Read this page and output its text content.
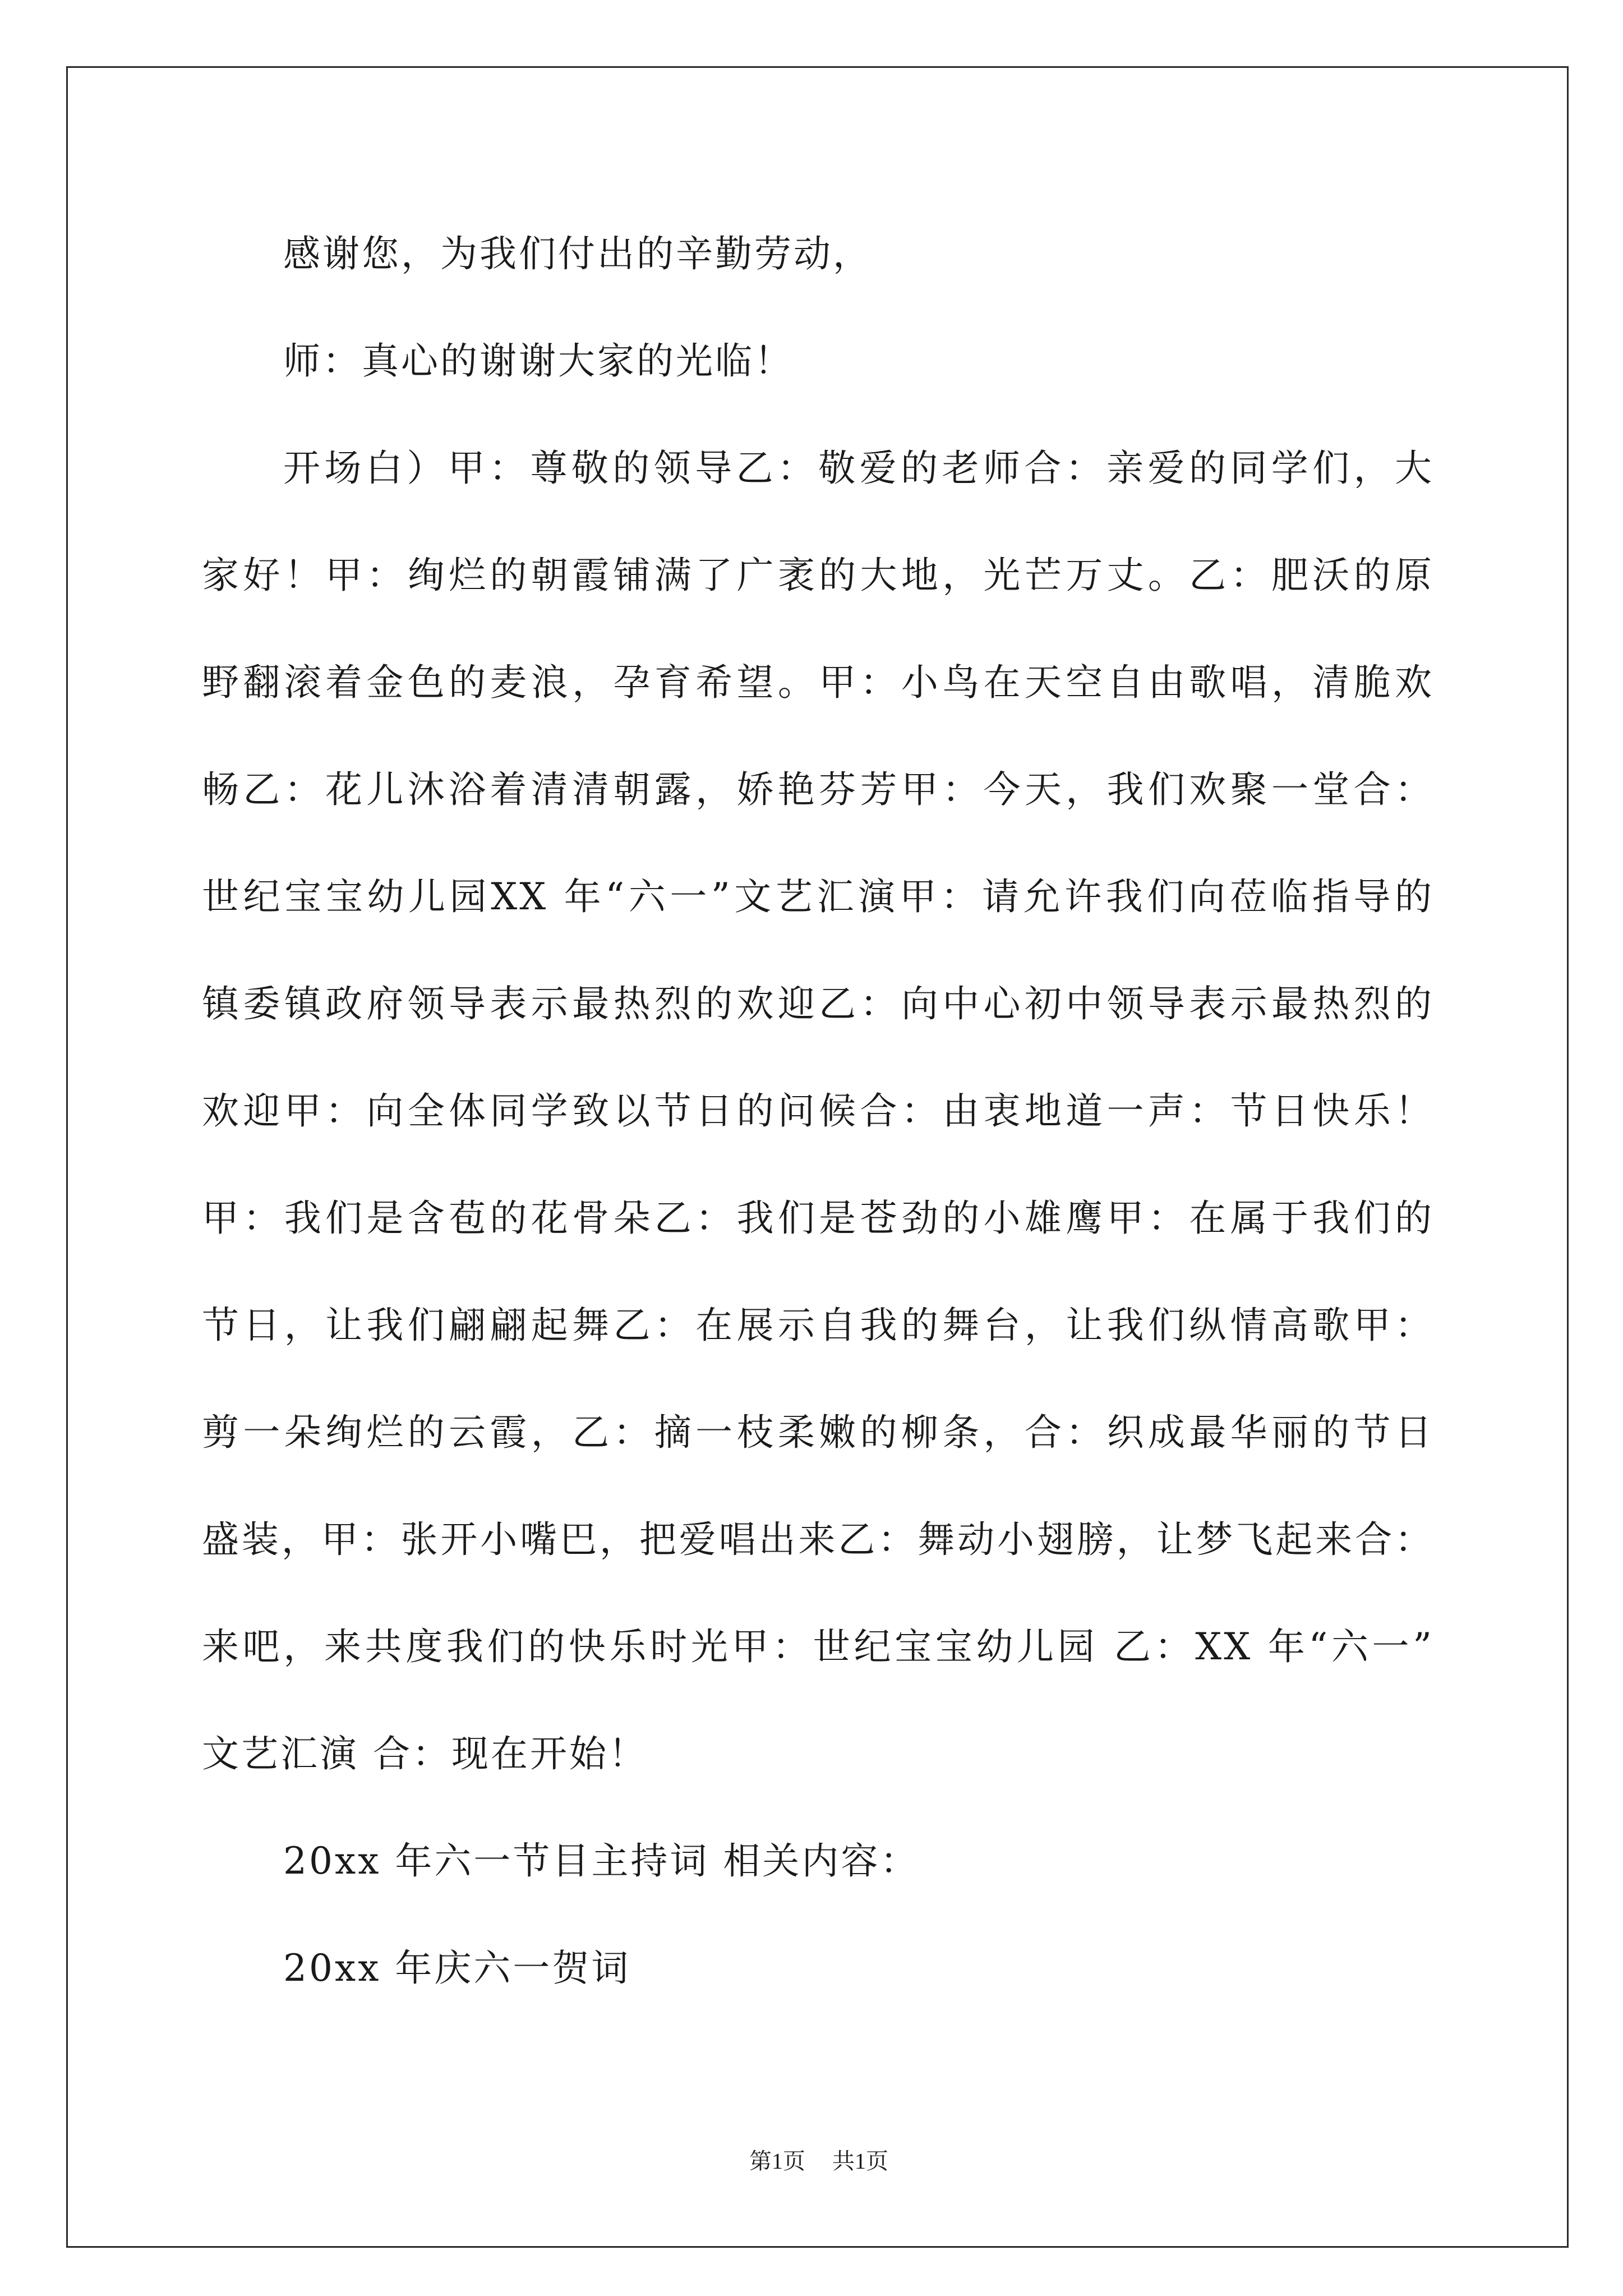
感谢您，为我们付出的辛勤劳动，
师：真心的谢谢大家的光临！
开场白）甲：尊敬的领导乙：敬爱的老师合：亲爱的同学们，大
家好！甲：绚烂的朝霞铺满了广袤的大地，光芒万丈。乙：肥沃的原
野翻滚着金色的麦浪，孕育希望。甲：小鸟在天空自由歌唱，清脆欢
畅乙：花儿沐浴着清清朝露，娇艳芬芳甲：今天，我们欢聚一堂合：
世纪宝宝幼儿园XX 年“六一”文艺汇演甲：请允许我们向莅临指导的
镇委镇政府领导表示最热烈的欢迎乙：向中心初中领导表示最热烈的
欢迎甲：向全体同学致以节日的问候合：由衷地道一声：节日快乐！
甲：我们是含苞的花骨朵乙：我们是苍劲的小雄鹰甲：在属于我们的
节日，让我们翩翩起舞乙：在展示自我的舞台，让我们纵情高歌甲：
剪一朵绚烂的云霞，乙：摘一枝柔嫩的柳条，合：织成最华丽的节日
盛装，甲：张开小嘴巴，把爱唱出来乙：舞动小翅膀，让梦飞起来合：
来吧，来共度我们的快乐时光甲：世纪宝宝幼儿园 乙：XX 年“六一”
文艺汇演 合：现在开始！
20xx 年六一节目主持词 相关内容：
20xx 年庆六一贺词
第1页 共1页
